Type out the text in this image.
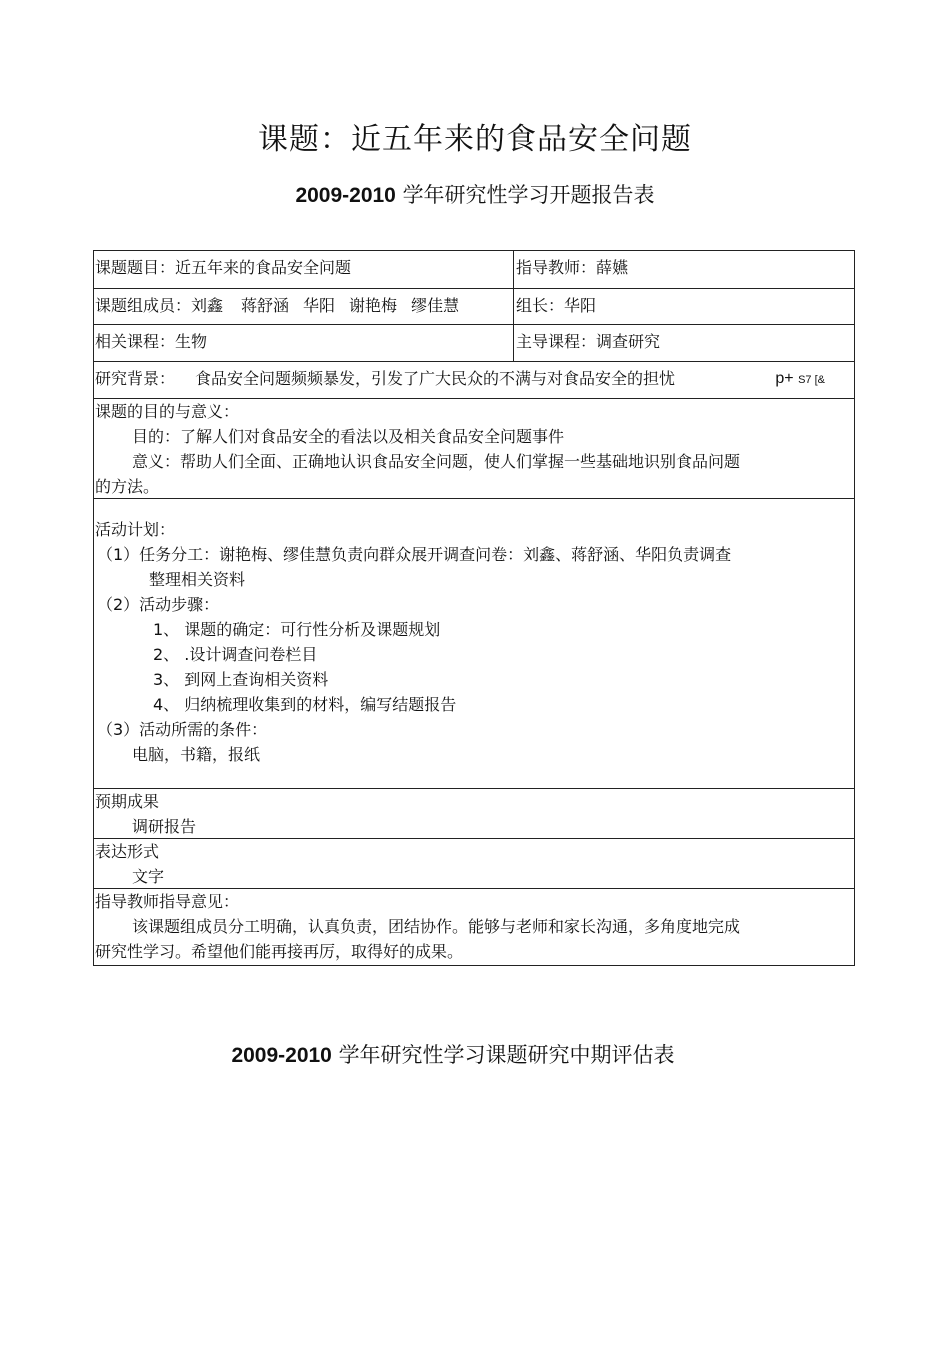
课题：近五年来的食品安全问题
2009-2010 学年研究性学习开题报告表
课题题目：近五年来的食品安全问题	指导教师：薛嬿
课题组成员：刘鑫 蒋舒涵 华阳 谢艳梅 缪佳慧	组长：华阳
相关课程：生物	主导课程：调查研究
研究背景： 食品安全问题频频暴发，引发了广大民众的不满与对食品安全的担忧	p+ S7 [&
课题的目的与意义：
目的：了解人们对食品安全的看法以及相关食品安全问题事件
意义：帮助人们全面、正确地认识食品安全问题，使人们掌握一些基础地识别食品问题
的方法。
活动计划：
（1）任务分工：谢艳梅、缪佳慧负责向群众展开调查问卷：刘鑫、蒋舒涵、华阳负责调查
整理相关资料
（2）活动步骤：
1、 课题的确定：可行性分析及课题规划
2、 .设计调查问卷栏目
3、 到网上查询相关资料
4、 归纳梳理收集到的材料，编写结题报告
（3）活动所需的条件：
电脑，书籍，报纸
预期成果
调研报告
表达形式
文字
指导教师指导意见：
该课题组成员分工明确，认真负责，团结协作。能够与老师和家长沟通，多角度地完成
研究性学习。希望他们能再接再厉，取得好的成果。
2009-2010 学年研究性学习课题研究中期评估表
